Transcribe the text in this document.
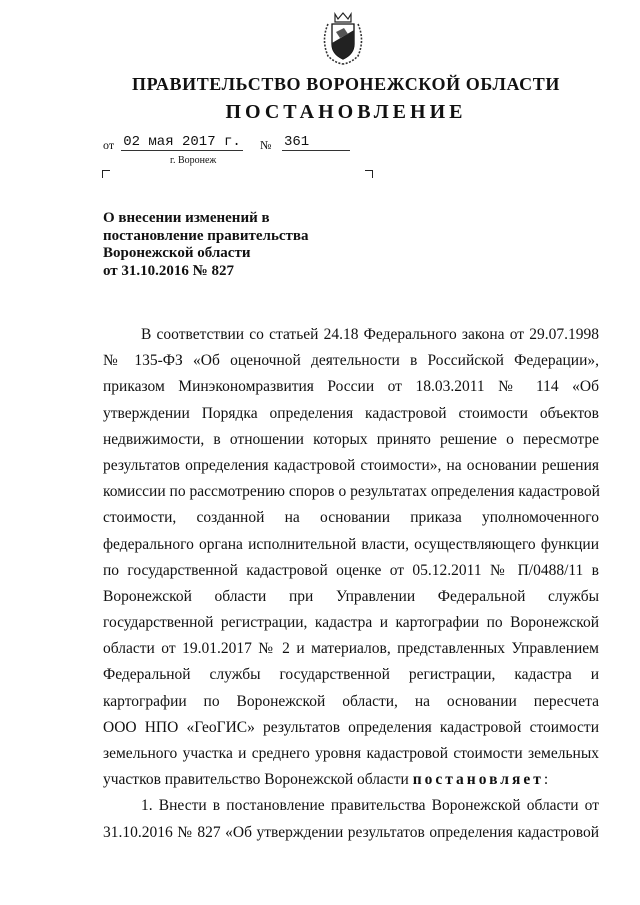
ПРАВИТЕЛЬСТВО ВОРОНЕЖСКОЙ ОБЛАСТИ
ПОСТАНОВЛЕНИЕ
от 02 мая 2017 г. № 361
г. Воронеж
О внесении изменений в
постановление правительства
Воронежской области
от 31.10.2016 № 827
В соответствии со статьей 24.18 Федерального закона от 29.07.1998
№ 135-ФЗ «Об оценочной деятельности в Российской Федерации»,
приказом Минэкономразвития России от 18.03.2011 № 114 «Об
утверждении Порядка определения кадастровой стоимости объектов
недвижимости, в отношении которых принято решение о пересмотре
результатов определения кадастровой стоимости», на основании решения
комиссии по рассмотрению споров о результатах определения кадастровой
стоимости, созданной на основании приказа уполномоченного
федерального органа исполнительной власти, осуществляющего функции
по государственной кадастровой оценке от 05.12.2011 № П/0488/11 в
Воронежской области при Управлении Федеральной службы
государственной регистрации, кадастра и картографии по Воронежской
области от 19.01.2017 № 2 и материалов, представленных Управлением
Федеральной службы государственной регистрации, кадастра и
картографии по Воронежской области, на основании пересчета
ООО НПО «ГеоГИС» результатов определения кадастровой стоимости
земельного участка и среднего уровня кадастровой стоимости земельных
участков правительство Воронежской области постановляет:
1. Внести в постановление правительства Воронежской области от
31.10.2016 № 827 «Об утверждении результатов определения кадастровой
